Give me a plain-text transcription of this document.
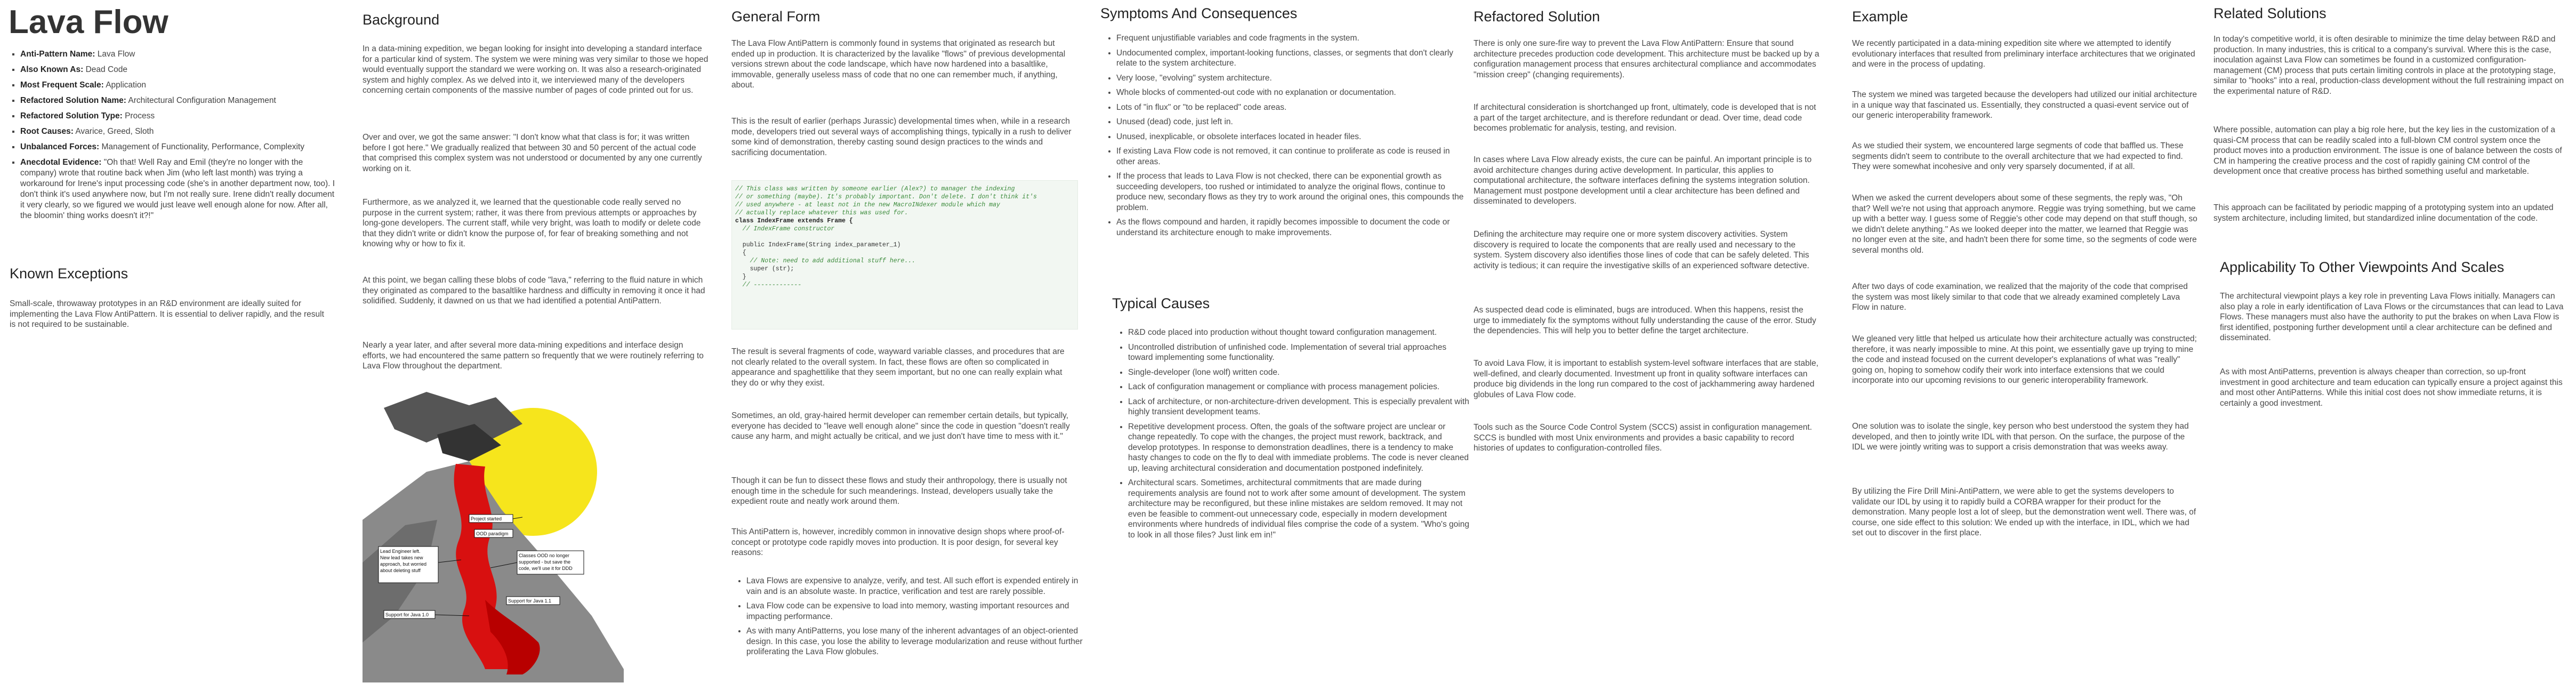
Lava Flow
▪ Anti-Pattern Name: Lava Flow
▪ Also Known As: Dead Code
▪ Most Frequent Scale: Application
▪ Refactored Solution Name: Architectural Configuration Management
▪ Refactored Solution Type: Process
▪ Root Causes: Avarice, Greed, Sloth
▪ Unbalanced Forces: Management of Functionality, Performance, Complexity
▪ Anecdotal Evidence: "Oh that! Well Ray and Emil (they're no longer with the company) wrote that routine back when Jim (who left last month) was trying a workaround for Irene's input processing code (she's in another department now, too). I don't think it's used anywhere now, but I'm not really sure. Irene didn't really document it very clearly, so we figured we would just leave well enough alone for now. After all, the bloomin' thing works doesn't it?!"
Known Exceptions

Small-scale, throwaway prototypes in an R&D environment are ideally suited for implementing the Lava Flow AntiPattern. It is essential to deliver rapidly, and the result is not required to be sustainable.

Background

In a data-mining expedition, we began looking for insight into developing a standard interface for a particular kind of system. The system we were mining was very similar to those we hoped would eventually support the standard we were working on. It was also a research-originated system and highly complex. As we delved into it, we interviewed many of the developers concerning certain components of the massive number of pages of code printed out for us.

Over and over, we got the same answer: "I don't know what that class is for; it was written before I got here." We gradually realized that between 30 and 50 percent of the actual code that comprised this complex system was not understood or documented by any one currently working on it.

Furthermore, as we analyzed it, we learned that the questionable code really served no purpose in the current system; rather, it was there from previous attempts or approaches by long-gone developers. The current staff, while very bright, was loath to modify or delete code that they didn't write or didn't know the purpose of, for fear of breaking something and not knowing why or how to fix it.

At this point, we began calling these blobs of code "lava," referring to the fluid nature in which they originated as compared to the basaltlike hardness and difficulty in removing it once it had solidified. Suddenly, it dawned on us that we had identified a potential AntiPattern.

Nearly a year later, and after several more data-mining expeditions and interface design efforts, we had encountered the same pattern so frequently that we were routinely referring to Lava Flow throughout the department.

Project started
OOD paradigm
Lead Engineer left.
New lead takes new
approach, but worried
about deleting stuff
Classes OOD no longer
supported - but save the
code, we'll use it for DDD
Support for Java 1.1
Support for Java 1.0
General Form

The Lava Flow AntiPattern is commonly found in systems that originated as research but ended up in production. It is characterized by the lavalike "flows" of previous developmental versions strewn about the code landscape, which have now hardened into a basaltlike, immovable, generally useless mass of code that no one can remember much, if anything, about.

This is the result of earlier (perhaps Jurassic) developmental times when, while in a research mode, developers tried out several ways of accomplishing things, typically in a rush to deliver some kind of demonstration, thereby casting sound design practices to the winds and sacrificing documentation.

// This class was written by someone earlier (Alex?) to manager the indexing
// or something (maybe). It's probably important. Don't delete. I don't think it's
// used anywhere - at least not in the new MacroINdexer module which may
// actually replace whatever this was used for.
class IndexFrame extends Frame {
// IndexFrame constructor

public IndexFrame(String index_parameter_1)
{
// Note: need to add additional stuff here...
super (str);
}
// -------------

The result is several fragments of code, wayward variable classes, and procedures that are not clearly related to the overall system. In fact, these flows are often so complicated in appearance and spaghettilike that they seem important, but no one can really explain what they do or why they exist.

Sometimes, an old, gray-haired hermit developer can remember certain details, but typically, everyone has decided to "leave well enough alone" since the code in question "doesn't really cause any harm, and might actually be critical, and we just don't have time to mess with it."

Though it can be fun to dissect these flows and study their anthropology, there is usually not enough time in the schedule for such meanderings. Instead, developers usually take the expedient route and neatly work around them.

This AntiPattern is, however, incredibly common in innovative design shops where proof-of-concept or prototype code rapidly moves into production. It is poor design, for several key reasons:

• Lava Flows are expensive to analyze, verify, and test. All such effort is expended entirely in vain and is an absolute waste. In practice, verification and test are rarely possible.
• Lava Flow code can be expensive to load into memory, wasting important resources and impacting performance.
• As with many AntiPatterns, you lose many of the inherent advantages of an object-oriented design. In this case, you lose the ability to leverage modularization and reuse without further proliferating the Lava Flow globules.
Symptoms And Consequences
• Frequent unjustifiable variables and code fragments in the system.
• Undocumented complex, important-looking functions, classes, or segments that don't clearly relate to the system architecture.
• Very loose, "evolving" system architecture.
• Whole blocks of commented-out code with no explanation or documentation.
• Lots of "in flux" or "to be replaced" code areas.
• Unused (dead) code, just left in.
• Unused, inexplicable, or obsolete interfaces located in header files.
• If existing Lava Flow code is not removed, it can continue to proliferate as code is reused in other areas.
• If the process that leads to Lava Flow is not checked, there can be exponential growth as succeeding developers, too rushed or intimidated to analyze the original flows, continue to produce new, secondary flows as they try to work around the original ones, this compounds the problem.
• As the flows compound and harden, it rapidly becomes impossible to document the code or understand its architecture enough to make improvements.
Typical Causes
• R&D code placed into production without thought toward configuration management.
• Uncontrolled distribution of unfinished code. Implementation of several trial approaches toward implementing some functionality.
• Single-developer (lone wolf) written code.
• Lack of configuration management or compliance with process management policies.
• Lack of architecture, or non-architecture-driven development. This is especially prevalent with highly transient development teams.
• Repetitive development process. Often, the goals of the software project are unclear or change repeatedly. To cope with the changes, the project must rework, backtrack, and develop prototypes. In response to demonstration deadlines, there is a tendency to make hasty changes to code on the fly to deal with immediate problems. The code is never cleaned up, leaving architectural consideration and documentation postponed indefinitely.
• Architectural scars. Sometimes, architectural commitments that are made during requirements analysis are found not to work after some amount of development. The system architecture may be reconfigured, but these inline mistakes are seldom removed. It may not even be feasible to comment-out unnecessary code, especially in modern development environments where hundreds of individual files comprise the code of a system. "Who's going to look in all those files? Just link em in!"
Refactored Solution

There is only one sure-fire way to prevent the Lava Flow AntiPattern: Ensure that sound architecture precedes production code development. This architecture must be backed up by a configuration management process that ensures architectural compliance and accommodates "mission creep" (changing requirements).

If architectural consideration is shortchanged up front, ultimately, code is developed that is not a part of the target architecture, and is therefore redundant or dead. Over time, dead code becomes problematic for analysis, testing, and revision.

In cases where Lava Flow already exists, the cure can be painful. An important principle is to avoid architecture changes during active development. In particular, this applies to computational architecture, the software interfaces defining the systems integration solution. Management must postpone development until a clear architecture has been defined and disseminated to developers.

Defining the architecture may require one or more system discovery activities. System discovery is required to locate the components that are really used and necessary to the system. System discovery also identifies those lines of code that can be safely deleted. This activity is tedious; it can require the investigative skills of an experienced software detective.

As suspected dead code is eliminated, bugs are introduced. When this happens, resist the urge to immediately fix the symptoms without fully understanding the cause of the error. Study the dependencies. This will help you to better define the target architecture.

To avoid Lava Flow, it is important to establish system-level software interfaces that are stable, well-defined, and clearly documented. Investment up front in quality software interfaces can produce big dividends in the long run compared to the cost of jackhammering away hardened globules of Lava Flow code.

Tools such as the Source Code Control System (SCCS) assist in configuration management. SCCS is bundled with most Unix environments and provides a basic capability to record histories of updates to configuration-controlled files.

Example

We recently participated in a data-mining expedition site where we attempted to identify evolutionary interfaces that resulted from preliminary interface architectures that we originated and were in the process of updating.

The system we mined was targeted because the developers had utilized our initial architecture in a unique way that fascinated us. Essentially, they constructed a quasi-event service out of our generic interoperability framework.

As we studied their system, we encountered large segments of code that baffled us. These segments didn't seem to contribute to the overall architecture that we had expected to find. They were somewhat incohesive and only very sparsely documented, if at all.

When we asked the current developers about some of these segments, the reply was, "Oh that? Well we're not using that approach anymore. Reggie was trying something, but we came up with a better way. I guess some of Reggie's other code may depend on that stuff though, so we didn't delete anything." As we looked deeper into the matter, we learned that Reggie was no longer even at the site, and hadn't been there for some time, so the segments of code were several months old.

After two days of code examination, we realized that the majority of the code that comprised the system was most likely similar to that code that we already examined completely Lava Flow in nature.

We gleaned very little that helped us articulate how their architecture actually was constructed; therefore, it was nearly impossible to mine. At this point, we essentially gave up trying to mine the code and instead focused on the current developer's explanations of what was "really" going on, hoping to somehow codify their work into interface extensions that we could incorporate into our upcoming revisions to our generic interoperability framework.

One solution was to isolate the single, key person who best understood the system they had developed, and then to jointly write IDL with that person. On the surface, the purpose of the IDL we were jointly writing was to support a crisis demonstration that was weeks away.

By utilizing the Fire Drill Mini-AntiPattern, we were able to get the systems developers to validate our IDL by using it to rapidly build a CORBA wrapper for their product for the demonstration. Many people lost a lot of sleep, but the demonstration went well. There was, of course, one side effect to this solution: We ended up with the interface, in IDL, which we had set out to discover in the first place.

Related Solutions

In today's competitive world, it is often desirable to minimize the time delay between R&D and production. In many industries, this is critical to a company's survival. Where this is the case, inoculation against Lava Flow can sometimes be found in a customized configuration-management (CM) process that puts certain limiting controls in place at the prototyping stage, similar to "hooks" into a real, production-class development without the full restraining impact on the experimental nature of R&D.

Where possible, automation can play a big role here, but the key lies in the customization of a quasi-CM process that can be readily scaled into a full-blown CM control system once the product moves into a production environment. The issue is one of balance between the costs of CM in hampering the creative process and the cost of rapidly gaining CM control of the development once that creative process has birthed something useful and marketable.

This approach can be facilitated by periodic mapping of a prototyping system into an updated system architecture, including limited, but standardized inline documentation of the code.

Applicability To Other Viewpoints And Scales

The architectural viewpoint plays a key role in preventing Lava Flows initially. Managers can also play a role in early identification of Lava Flows or the circumstances that can lead to Lava Flows. These managers must also have the authority to put the brakes on when Lava Flow is first identified, postponing further development until a clear architecture can be defined and disseminated.

As with most AntiPatterns, prevention is always cheaper than correction, so up-front investment in good architecture and team education can typically ensure a project against this and most other AntiPatterns. While this initial cost does not show immediate returns, it is certainly a good investment.
